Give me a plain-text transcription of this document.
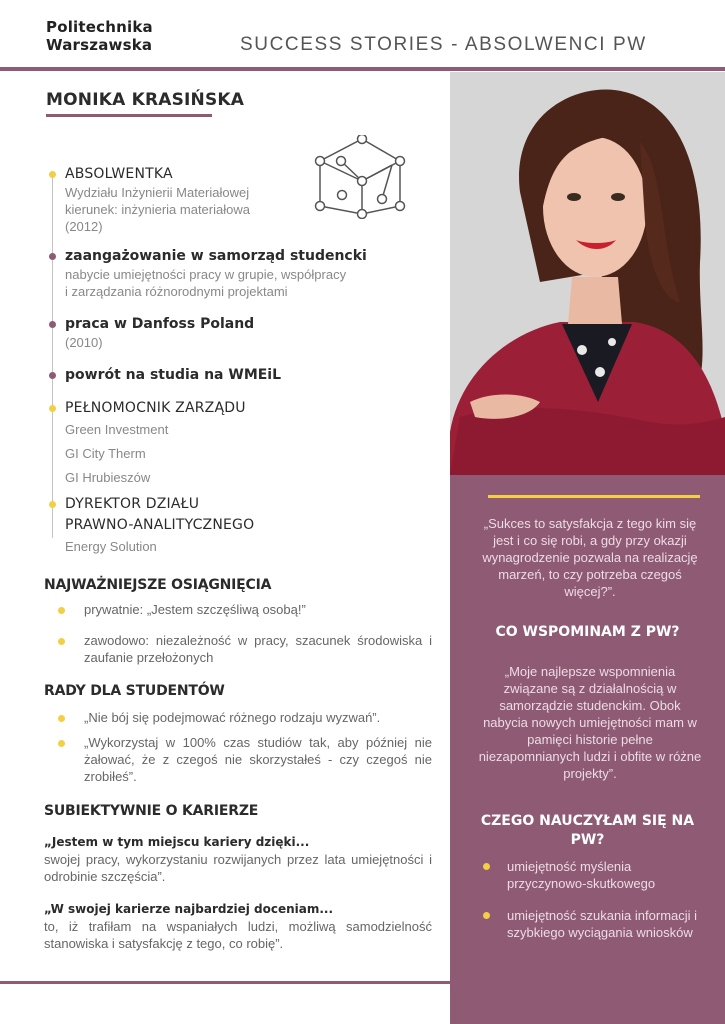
Politechnika
Warszawska	SUCCESS STORIES - ABSOLWENCI PW
MONIKA KRASIŃSKA
ABSOLWENTKA
Wydziału Inżynierii Materiałowej
kierunek: inżynieria materiałowa
(2012)
zaangażowanie w samorząd studencki
nabycie umiejętności pracy w grupie, współpracy
i zarządzania różnorodnymi projektami
praca w Danfoss Poland
(2010)
powrót na studia na WMEiL
PEŁNOMOCNIK ZARZĄDU
Green Investment
GI City Therm
GI Hrubieszów
DYREKTOR DZIAŁU
PRAWNO-ANALITYCZNEGO
Energy Solution
NAJWAŻNIEJSZE OSIĄGNIĘCIA
prywatnie: „Jestem szczęśliwą osobą!”
zawodowo: niezależność w pracy, szacunek środowiska i zaufanie przełożonych
RADY DLA STUDENTÓW
„Nie bój się podejmować różnego rodzaju wyzwań”.
„Wykorzystaj w 100% czas studiów tak, aby później nie żałować, że z czegoś nie skorzystałeś - czy czegoś nie zrobiłeś”.
SUBIEKTYWNIE O KARIERZE
„Jestem w tym miejscu kariery dzięki...
swojej pracy, wykorzystaniu rozwijanych przez lata umiejętności i odrobinie szczęścia”.
„W swojej karierze najbardziej doceniam...
to, iż trafiłam na wspaniałych ludzi, możliwą samodzielność stanowiska i satysfakcję z tego, co robię”.
„Sukces to satysfakcja z tego kim się jest i co się robi, a gdy przy okazji wynagrodzenie pozwala na realizację marzeń, to czy potrzeba czegoś więcej?”.
CO WSPOMINAM Z PW?
„Moje najlepsze wspomnienia związane są z działalnością w samorządzie studenckim. Obok nabycia nowych umiejętności mam w pamięci historie pełne niezapomnianych ludzi i obfite w różne projekty”.
CZEGO NAUCZYŁAM SIĘ NA PW?
umiejętność myślenia przyczynowo-skutkowego
umiejętność szukania informacji i szybkiego wyciągania wniosków
